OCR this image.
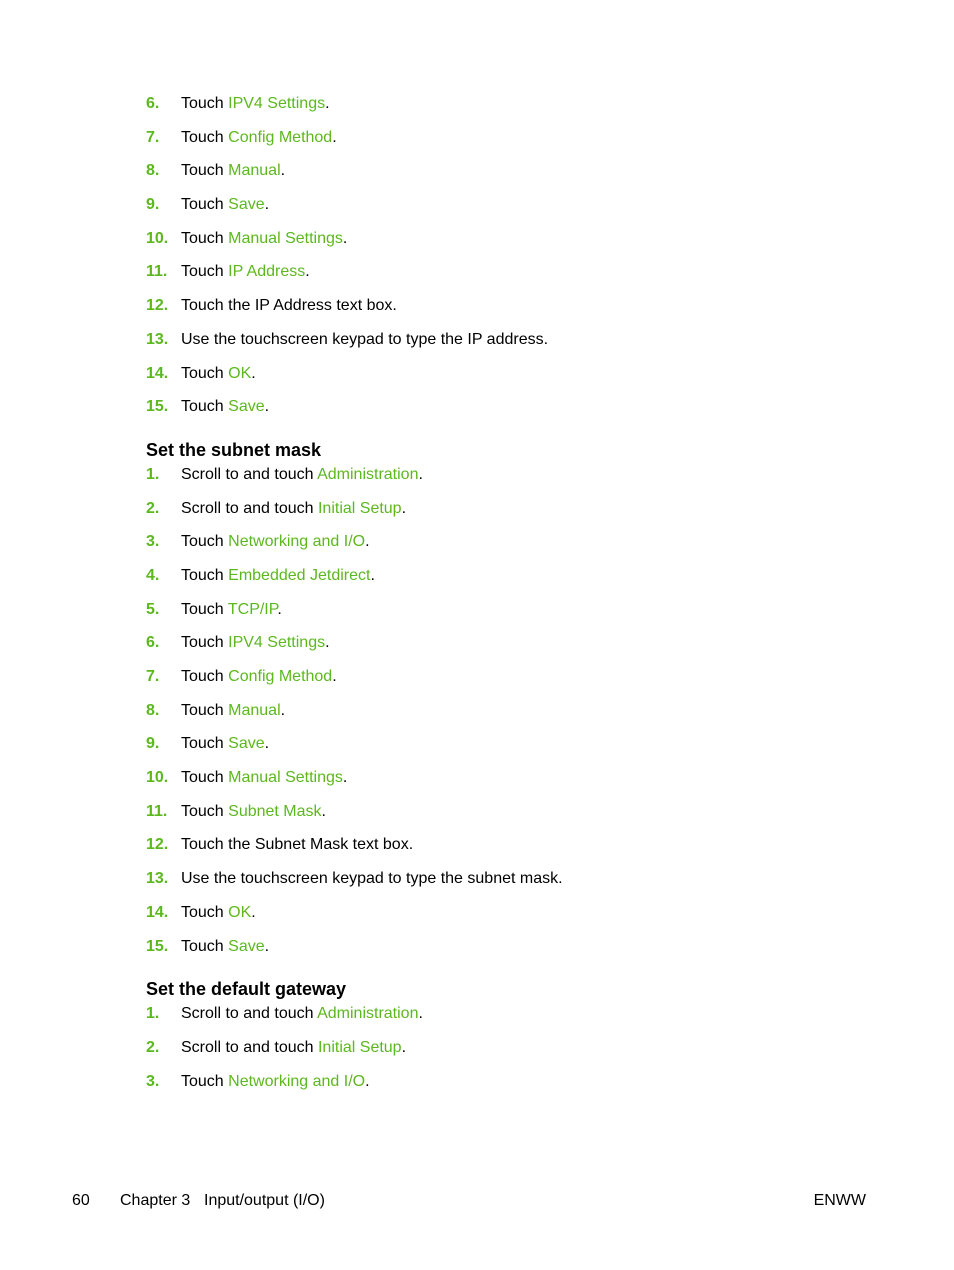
6. Touch IPV4 Settings.
7. Touch Config Method.
8. Touch Manual.
9. Touch Save.
10. Touch Manual Settings.
11. Touch IP Address.
12. Touch the IP Address text box.
13. Use the touchscreen keypad to type the IP address.
14. Touch OK.
15. Touch Save.
Set the subnet mask
1. Scroll to and touch Administration.
2. Scroll to and touch Initial Setup.
3. Touch Networking and I/O.
4. Touch Embedded Jetdirect.
5. Touch TCP/IP.
6. Touch IPV4 Settings.
7. Touch Config Method.
8. Touch Manual.
9. Touch Save.
10. Touch Manual Settings.
11. Touch Subnet Mask.
12. Touch the Subnet Mask text box.
13. Use the touchscreen keypad to type the subnet mask.
14. Touch OK.
15. Touch Save.
Set the default gateway
1. Scroll to and touch Administration.
2. Scroll to and touch Initial Setup.
3. Touch Networking and I/O.
60 Chapter 3 Input/output (I/O)	ENWW
